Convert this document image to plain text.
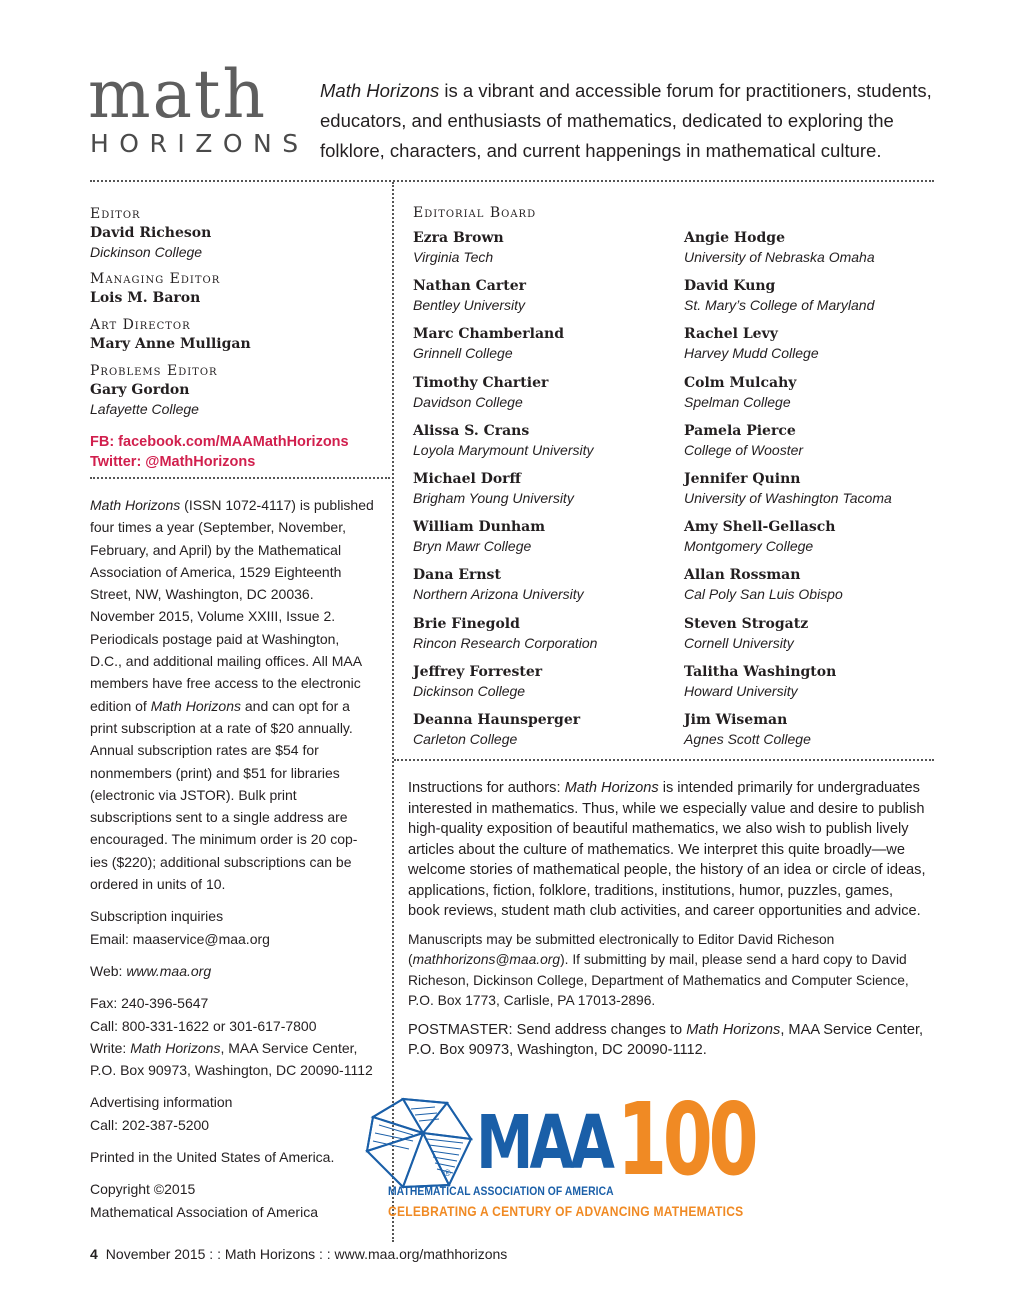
math
HORIZONS
Math Horizons is a vibrant and accessible forum for practitioners, students,
educators, and enthusiasts of mathematics, dedicated to exploring the
folklore, characters, and current happenings in mathematical culture.
Editor
David Richeson
Dickinson College
Managing Editor
Lois M. Baron
Art Director
Mary Anne Mulligan
Problems Editor
Gary Gordon
Lafayette College
FB: facebook.com/MAAMathHorizons
Twitter: @MathHorizons

Math Horizons (ISSN 1072-4117) is published four times a year (September, November, February, and April) by the Mathematical Association of America, 1529 Eighteenth Street, NW, Washington, DC 20036. November 2015, Volume XXIII, Issue 2. Periodicals postage paid at Washington, D.C., and additional mailing offices. All MAA members have free access to the electronic edition of Math Horizons and can opt for a print subscription at a rate of $20 annually. Annual subscription rates are $54 for nonmembers (print) and $51 for libraries (electronic via JSTOR). Bulk print subscriptions sent to a single address are encouraged. The minimum order is 20 cop-ies ($220); additional subscriptions can be ordered in units of 10.

Subscription inquiries
Email: maaservice@maa.org

Web: www.maa.org

Fax: 240-396-5647
Call: 800-331-1622 or 301-617-7800
Write: Math Horizons, MAA Service Center,
P.O. Box 90973, Washington, DC 20090-1112

Advertising information
Call: 202-387-5200

Printed in the United States of America.

Copyright ©2015
Mathematical Association of America

Editorial Board
Ezra Brown
Virginia Tech
Nathan Carter
Bentley University
Marc Chamberland
Grinnell College
Timothy Chartier
Davidson College
Alissa S. Crans
Loyola Marymount University
Michael Dorff
Brigham Young University
William Dunham
Bryn Mawr College
Dana Ernst
Northern Arizona University
Brie Finegold
Rincon Research Corporation
Jeffrey Forrester
Dickinson College
Deanna Haunsperger
Carleton College
Angie Hodge
University of Nebraska Omaha
David Kung
St. Mary’s College of Maryland
Rachel Levy
Harvey Mudd College
Colm Mulcahy
Spelman College
Pamela Pierce
College of Wooster
Jennifer Quinn
University of Washington Tacoma
Amy Shell-Gellasch
Montgomery College
Allan Rossman
Cal Poly San Luis Obispo
Steven Strogatz
Cornell University
Talitha Washington
Howard University
Jim Wiseman
Agnes Scott College

Instructions for authors: Math Horizons is intended primarily for undergraduates interested in mathematics. Thus, while we especially value and desire to publish high-quality exposition of beautiful mathematics, we also wish to publish lively articles about the culture of mathematics. We interpret this quite broadly—we welcome stories of mathematical people, the history of an idea or circle of ideas, applications, fiction, folklore, traditions, institutions, humor, puzzles, games, book reviews, student math club activities, and career opportunities and advice.

Manuscripts may be submitted electronically to Editor David Richeson (mathhorizons@maa.org). If submitting by mail, please send a hard copy to David Richeson, Dickinson College, Department of Mathematics and Computer Science, P.O. Box 1773, Carlisle, PA 17013-2896.

POSTMASTER: Send address changes to Math Horizons, MAA Service Center, P.O. Box 90973, Washington, DC 20090-1112.

MAA 100
®
MATHEMATICAL ASSOCIATION OF AMERICA
CELEBRATING A CENTURY OF ADVANCING MATHEMATICS
4 November 2015 : : Math Horizons : : www.maa.org/mathhorizons
